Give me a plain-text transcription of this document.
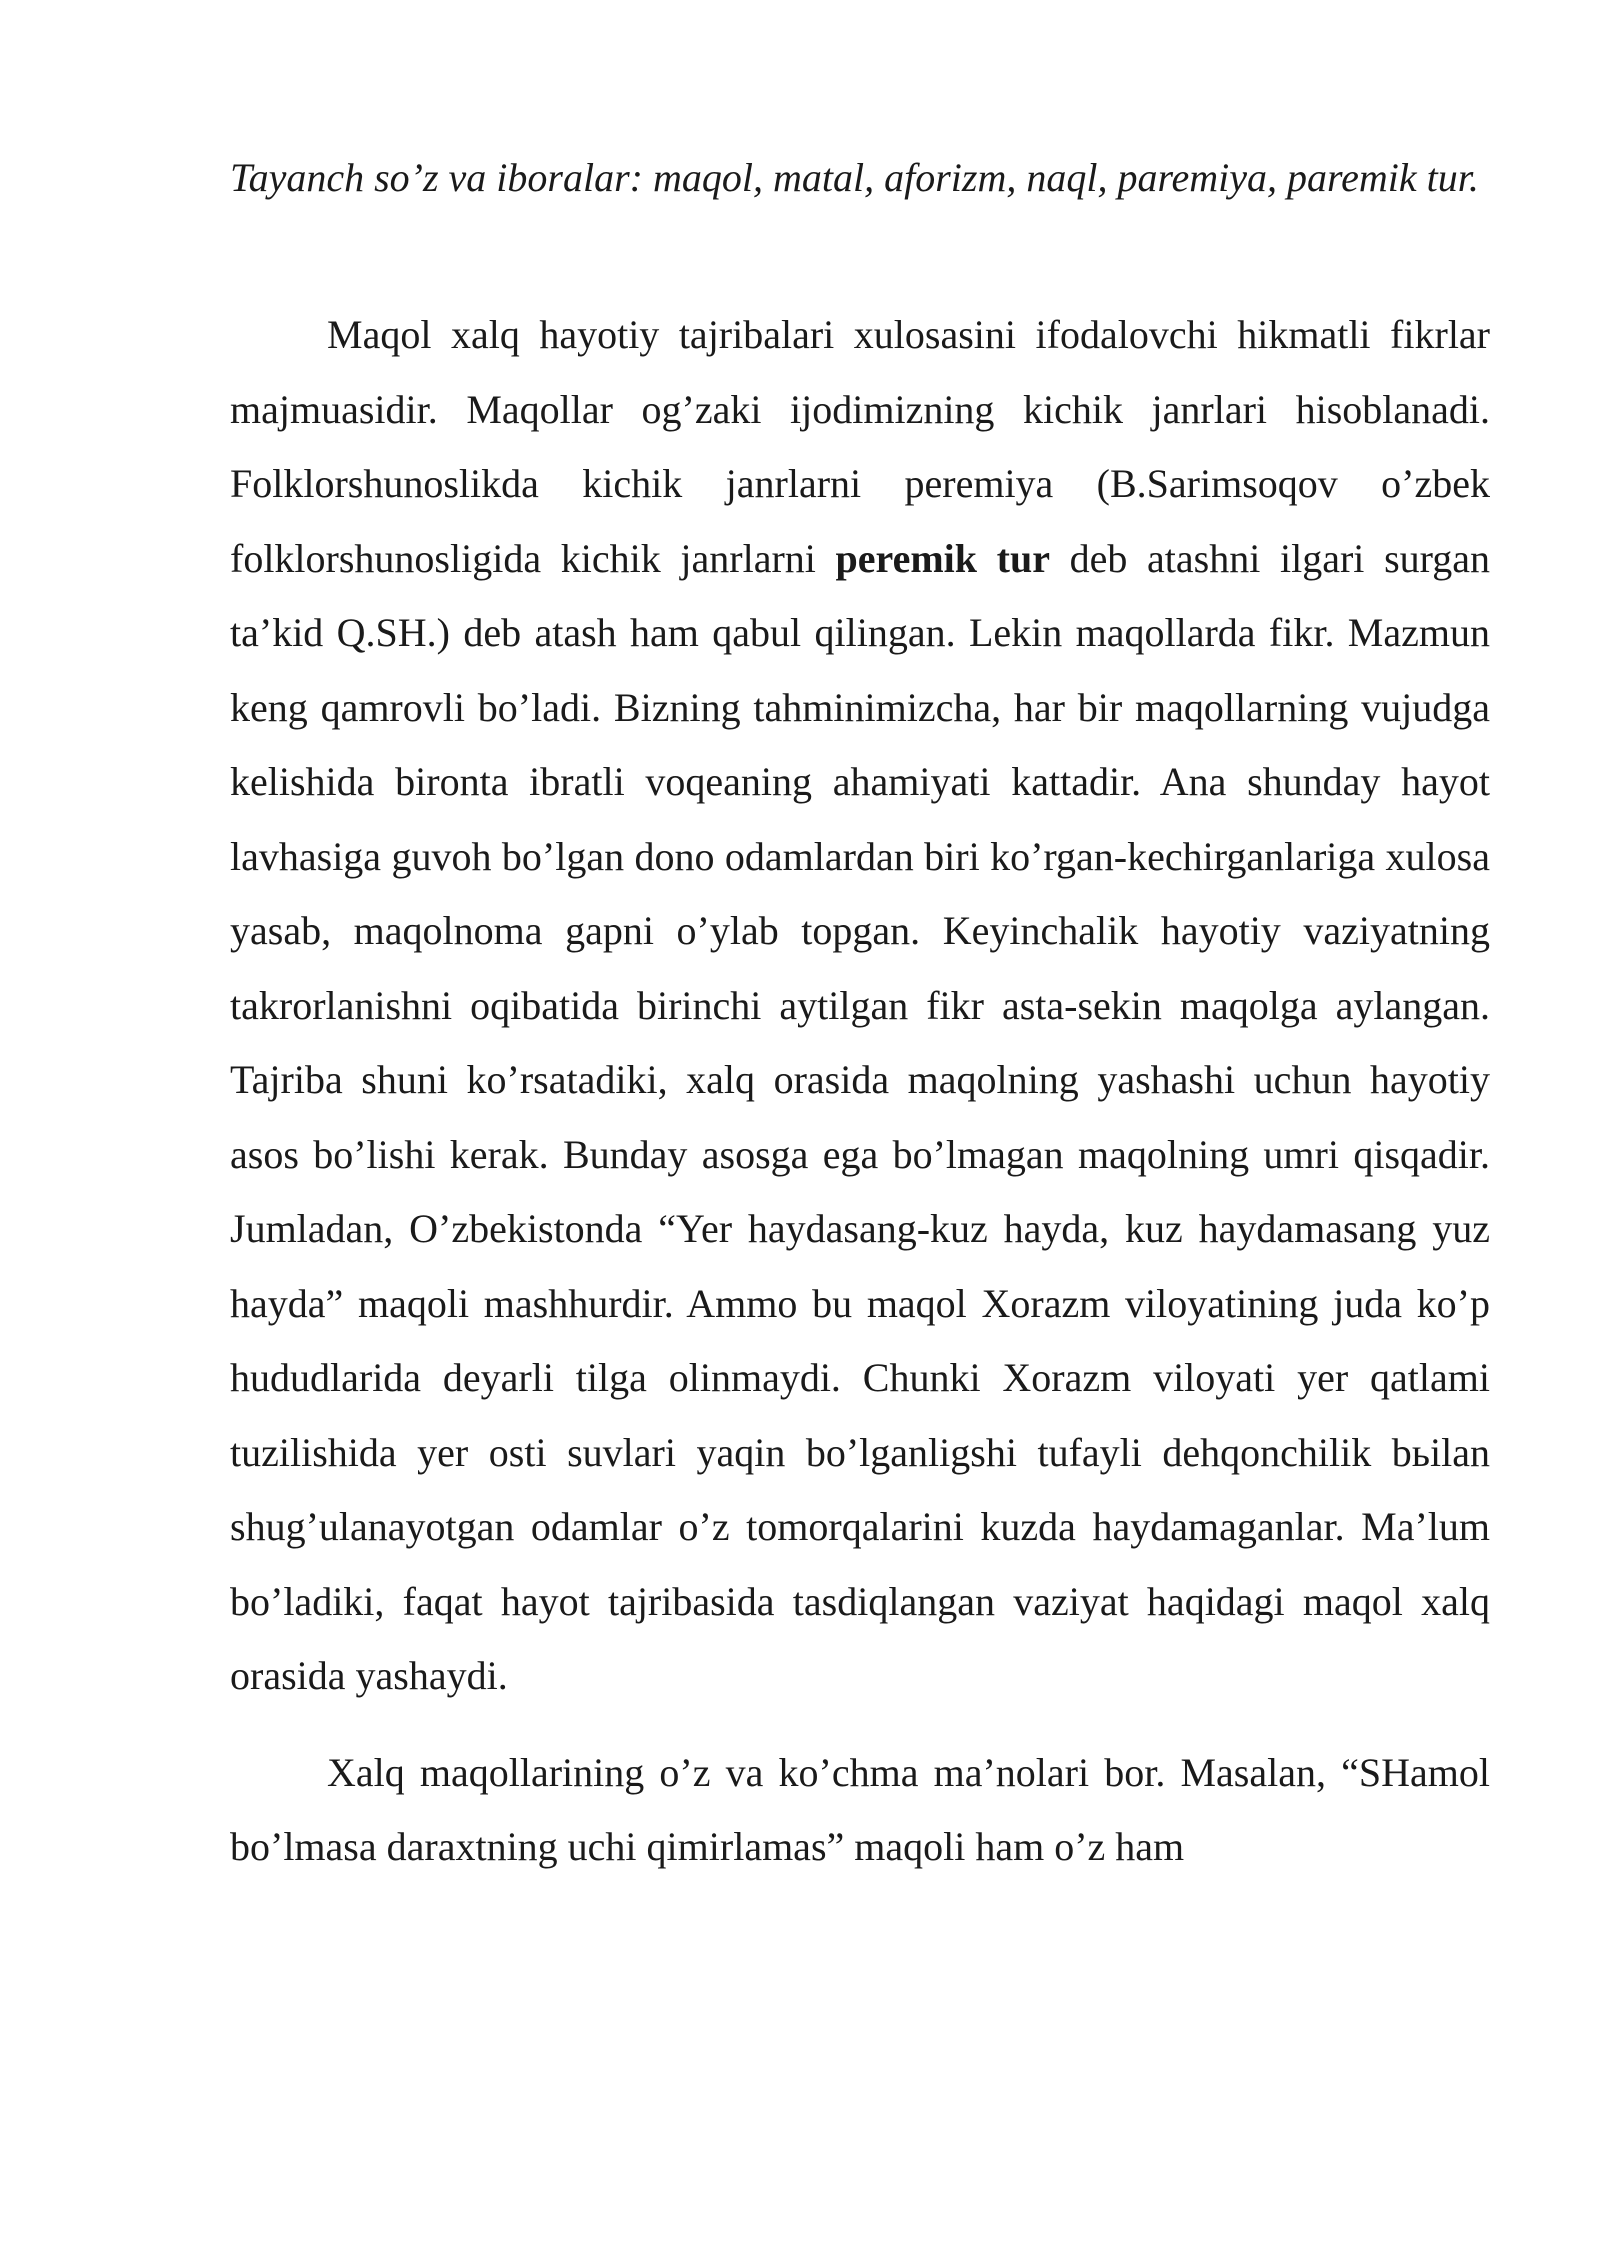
Tayanch so’z va iboralar: maqol, matal, aforizm, naql, paremiya, paremik tur.

Maqol xalq hayotiy tajribalari xulosasini ifodalovchi hikmatli fikrlar majmuasidir. Maqollar og’zaki ijodimizning kichik janrlari hisoblanadi. Folklorshunoslikda kichik janrlarni peremiya (B.Sarimsoqov o’zbek folklorshunosligida kichik janrlarni peremik tur deb atashni ilgari surgan ta’kid Q.SH.) deb atash ham qabul qilingan. Lekin maqollarda fikr. Mazmun keng qamrovli bo’ladi. Bizning tahminimizcha, har bir maqollarning vujudga kelishida bironta ibratli voqeaning ahamiyati kattadir. Ana shunday hayot lavhasiga guvoh bo’lgan dono odamlardan biri ko’rgan-kechirganlariga xulosa yasab, maqolnoma gapni o’ylab topgan. Keyinchalik hayotiy vaziyatning takrorlanishni oqibatida birinchi aytilgan fikr asta-sekin maqolga aylangan. Tajriba shuni ko’rsatadiki, xalq orasida maqolning yashashi uchun hayotiy asos bo’lishi kerak. Bunday asosga ega bo’lmagan maqolning umri qisqadir. Jumladan, O’zbekistonda “Yer haydasang-kuz hayda, kuz haydamasang yuz hayda” maqoli mashhurdir. Ammo bu maqol Xorazm viloyatining juda ko’p hududlarida deyarli tilga olinmaydi. Chunki Xorazm viloyati yer qatlami tuzilishida yer osti suvlari yaqin bo’lganligshi tufayli dehqonchilik bьilan shug’ulanayotgan odamlar o’z tomorqalarini kuzda haydamaganlar. Ma’lum bo’ladiki, faqat hayot tajribasida tasdiqlangan vaziyat haqidagi maqol xalq orasida yashaydi.

Xalq maqollarining o’z va ko’chma ma’nolari bor. Masalan, “SHamol bo’lmasa daraxtning uchi qimirlamas” maqoli ham o’z ham
